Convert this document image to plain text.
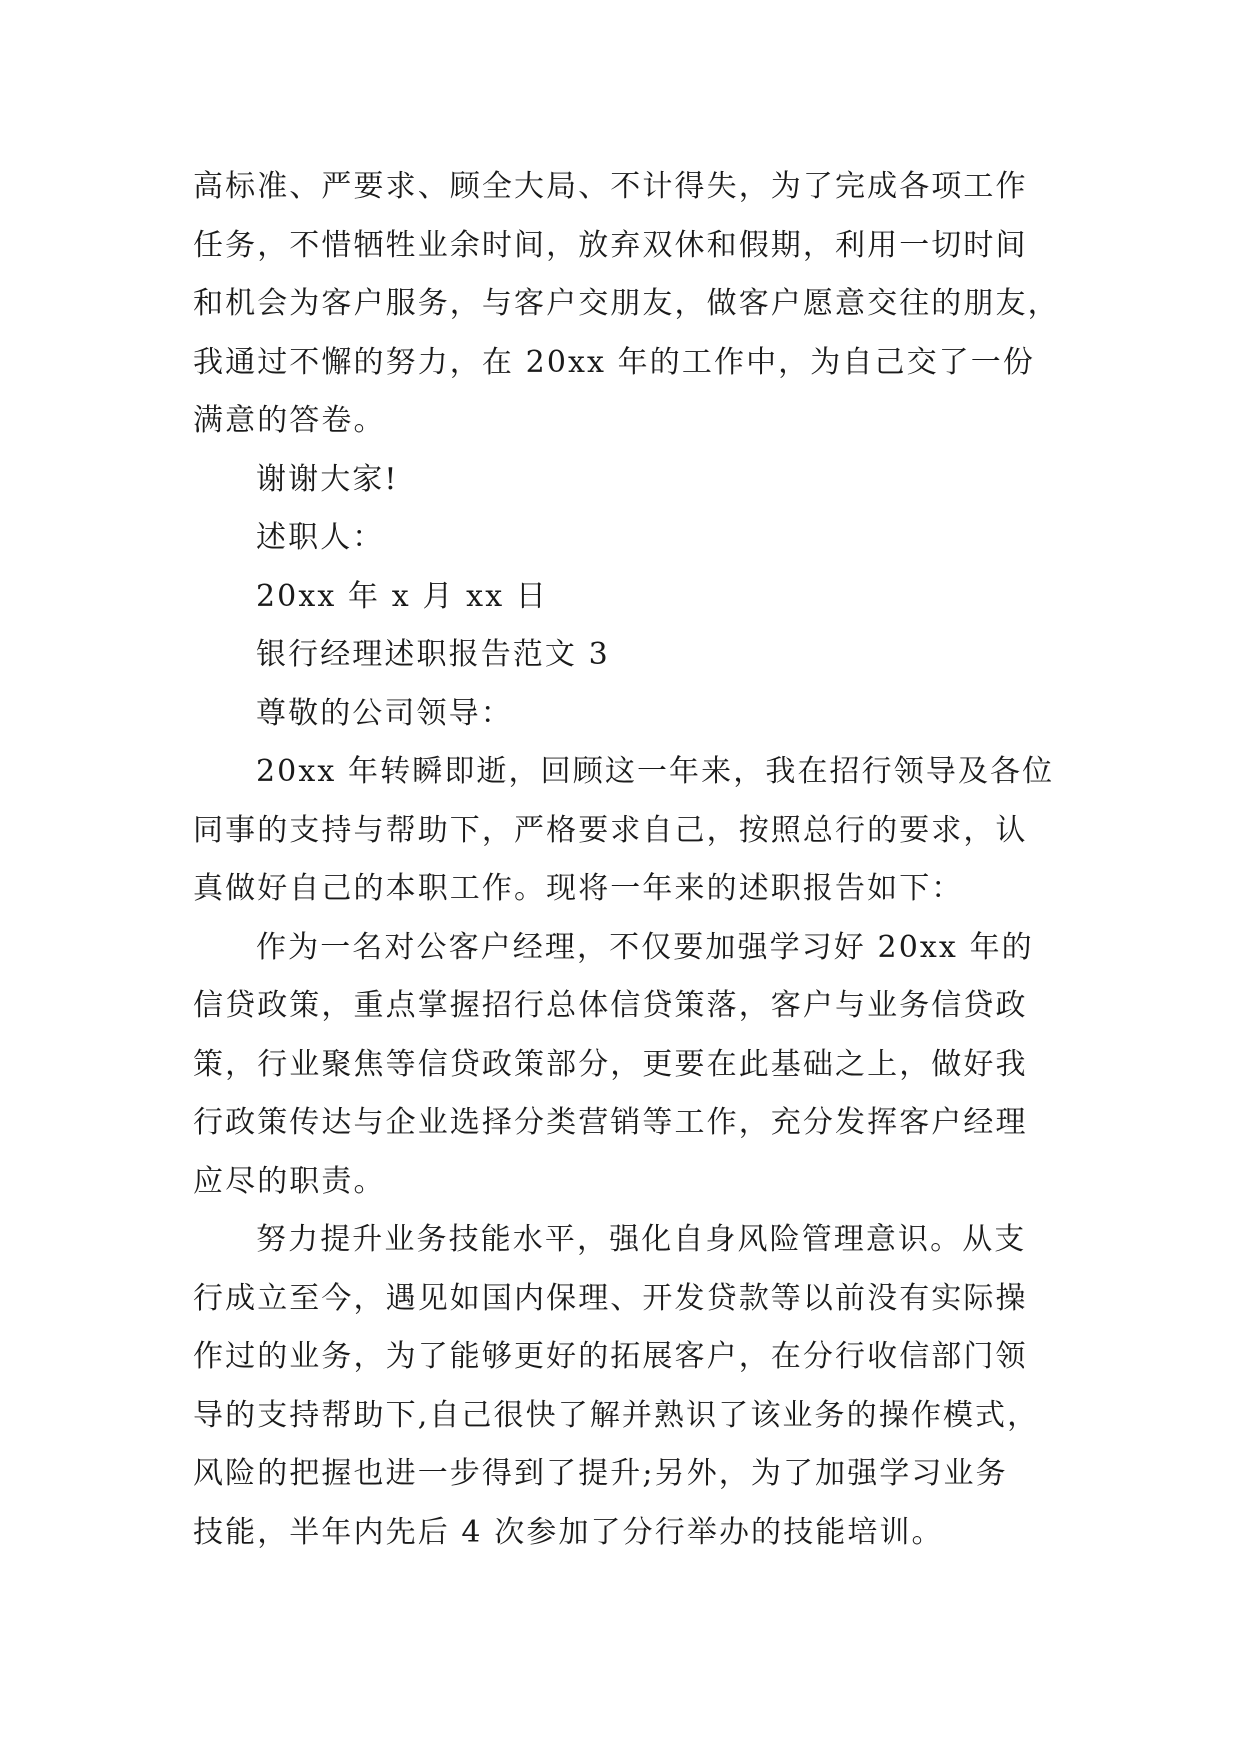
高标准、严要求、顾全大局、不计得失，为了完成各项工作
任务，不惜牺牲业余时间，放弃双休和假期，利用一切时间
和机会为客户服务，与客户交朋友，做客户愿意交往的朋友，
我通过不懈的努力，在 20xx 年的工作中，为自己交了一份
满意的答卷。
谢谢大家!
述职人：
20xx 年 x 月 xx 日
银行经理述职报告范文 3
尊敬的公司领导：
20xx 年转瞬即逝，回顾这一年来，我在招行领导及各位
同事的支持与帮助下，严格要求自己，按照总行的要求，认
真做好自己的本职工作。现将一年来的述职报告如下：
作为一名对公客户经理，不仅要加强学习好 20xx 年的
信贷政策，重点掌握招行总体信贷策落，客户与业务信贷政
策，行业聚焦等信贷政策部分，更要在此基础之上，做好我
行政策传达与企业选择分类营销等工作，充分发挥客户经理
应尽的职责。
努力提升业务技能水平，强化自身风险管理意识。从支
行成立至今，遇见如国内保理、开发贷款等以前没有实际操
作过的业务，为了能够更好的拓展客户，在分行收信部门领
导的支持帮助下,自己很快了解并熟识了该业务的操作模式，
风险的把握也进一步得到了提升;另外，为了加强学习业务
技能，半年内先后 4 次参加了分行举办的技能培训。
